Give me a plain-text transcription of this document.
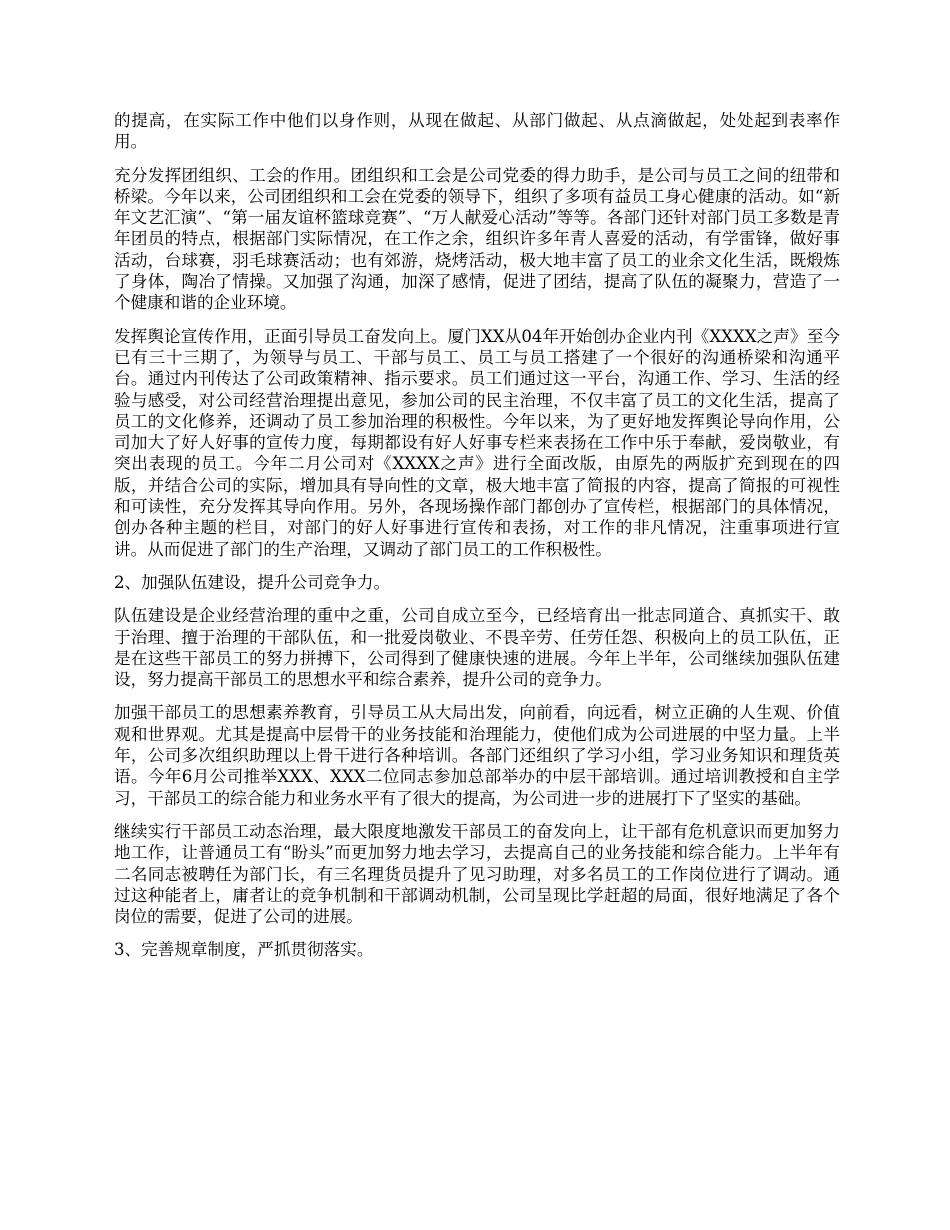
的提高，在实际工作中他们以身作则，从现在做起、从部门做起、从点滴做起，处处起到表率作用。

充分发挥团组织、工会的作用。团组织和工会是公司党委的得力助手，是公司与员工之间的纽带和桥梁。今年以来，公司团组织和工会在党委的领导下，组织了多项有益员工身心健康的活动。如“新年文艺汇演”、“第一届友谊杯篮球竞赛”、“万人献爱心活动”等等。各部门还针对部门员工多数是青年团员的特点，根据部门实际情况，在工作之余，组织许多年青人喜爱的活动，有学雷锋，做好事活动，台球赛，羽毛球赛活动；也有郊游，烧烤活动，极大地丰富了员工的业余文化生活，既煅炼了身体，陶冶了情操。又加强了沟通，加深了感情，促进了团结，提高了队伍的凝聚力，营造了一个健康和谐的企业环境。

发挥舆论宣传作用，正面引导员工奋发向上。厦门XX从04年开始创办企业内刊《XXXX之声》至今已有三十三期了，为领导与员工、干部与员工、员工与员工搭建了一个很好的沟通桥梁和沟通平台。通过内刊传达了公司政策精神、指示要求。员工们通过这一平台，沟通工作、学习、生活的经验与感受，对公司经营治理提出意见，参加公司的民主治理，不仅丰富了员工的文化生活，提高了员工的文化修养，还调动了员工参加治理的积极性。今年以来，为了更好地发挥舆论导向作用，公司加大了好人好事的宣传力度，每期都设有好人好事专栏来表扬在工作中乐于奉献，爱岗敬业，有突出表现的员工。今年二月公司对《XXXX之声》进行全面改版，由原先的两版扩充到现在的四版，并结合公司的实际，增加具有导向性的文章，极大地丰富了简报的内容，提高了简报的可视性和可读性，充分发挥其导向作用。另外，各现场操作部门都创办了宣传栏，根据部门的具体情况，创办各种主题的栏目，对部门的好人好事进行宣传和表扬，对工作的非凡情况，注重事项进行宣讲。从而促进了部门的生产治理，又调动了部门员工的工作积极性。

2、加强队伍建设，提升公司竞争力。

队伍建设是企业经营治理的重中之重，公司自成立至今，已经培育出一批志同道合、真抓实干、敢于治理、擅于治理的干部队伍，和一批爱岗敬业、不畏辛劳、任劳任怨、积极向上的员工队伍，正是在这些干部员工的努力拼搏下，公司得到了健康快速的进展。今年上半年，公司继续加强队伍建设，努力提高干部员工的思想水平和综合素养，提升公司的竞争力。

加强干部员工的思想素养教育，引导员工从大局出发，向前看，向远看，树立正确的人生观、价值观和世界观。尤其是提高中层骨干的业务技能和治理能力，使他们成为公司进展的中坚力量。上半年，公司多次组织助理以上骨干进行各种培训。各部门还组织了学习小组，学习业务知识和理货英语。今年6月公司推举XXX、XXX二位同志参加总部举办的中层干部培训。通过培训教授和自主学习，干部员工的综合能力和业务水平有了很大的提高，为公司进一步的进展打下了坚实的基础。

继续实行干部员工动态治理，最大限度地激发干部员工的奋发向上，让干部有危机意识而更加努力地工作，让普通员工有“盼头”而更加努力地去学习，去提高自己的业务技能和综合能力。上半年有二名同志被聘任为部门长，有三名理货员提升了见习助理，对多名员工的工作岗位进行了调动。通过这种能者上，庸者让的竞争机制和干部调动机制，公司呈现比学赶超的局面，很好地满足了各个岗位的需要，促进了公司的进展。

3、完善规章制度，严抓贯彻落实。
